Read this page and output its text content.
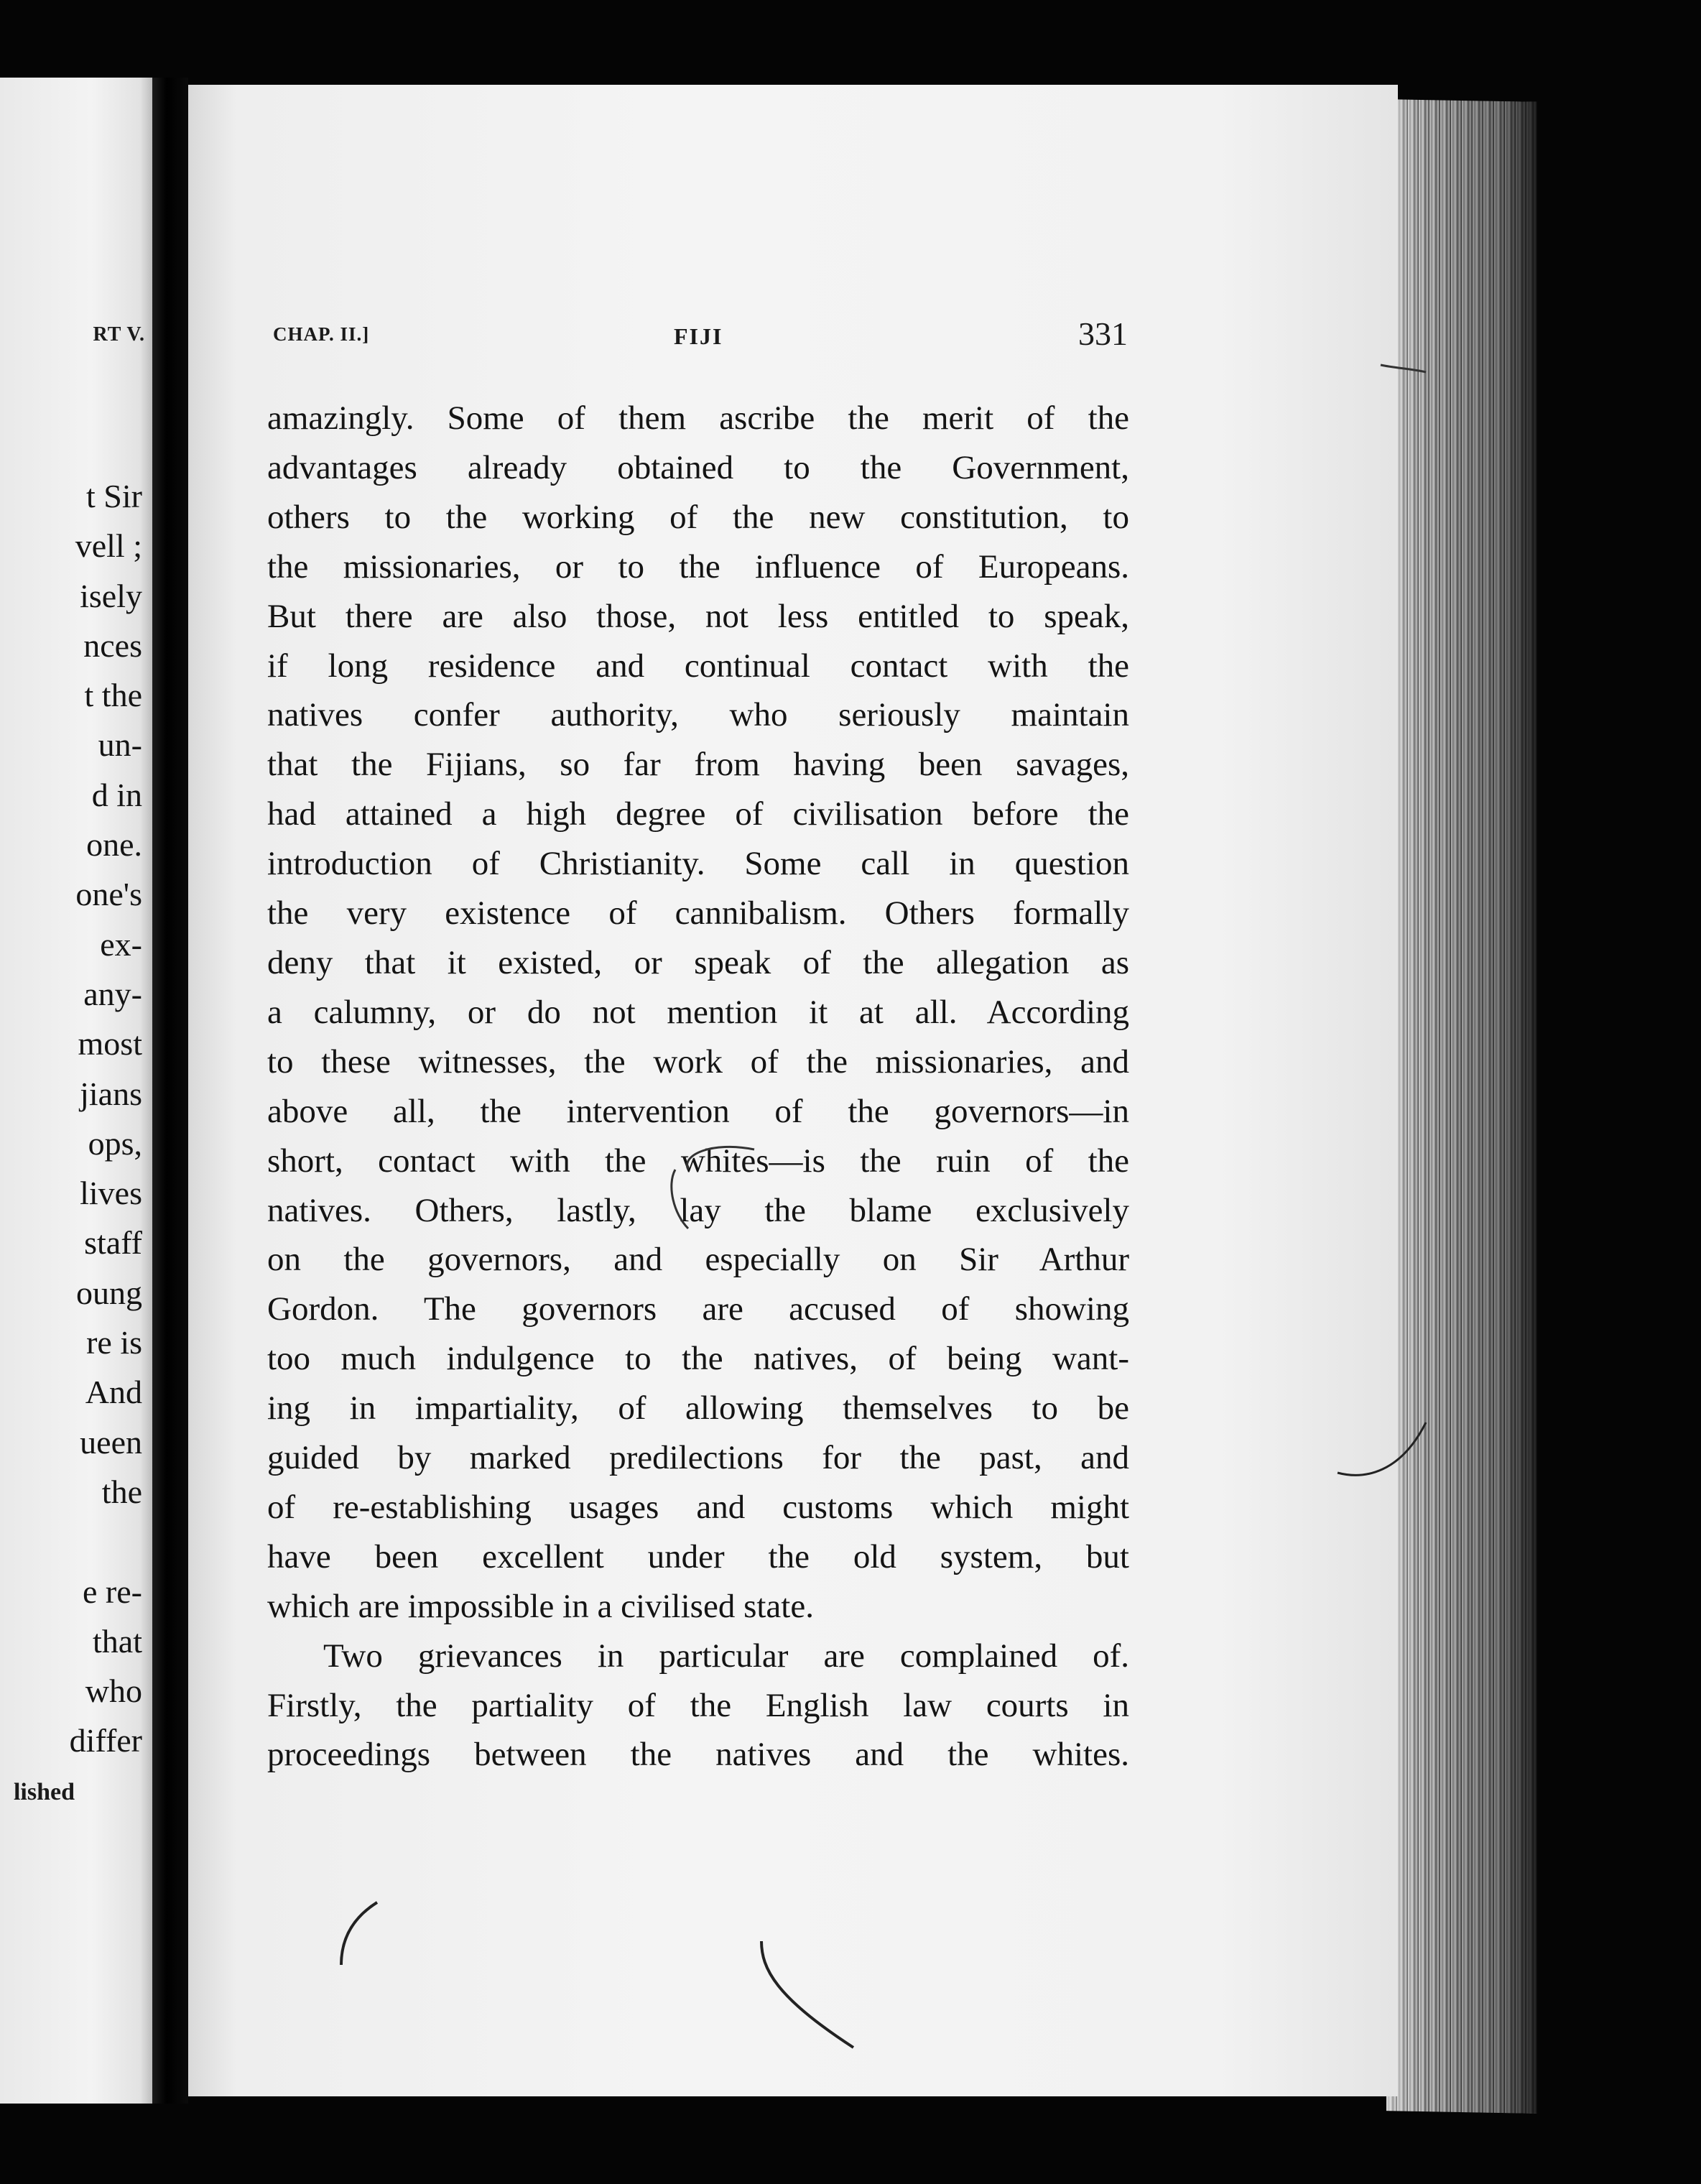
RT V.
t Sir
vell ;
isely
nces
t the
un-
d in
one.
one's
ex-
any-
most
jians
ops,
lives
staff
oung
re is
And
ueen
the

e re-
that
who
differ
lished
CHAP. II.]	FIJI	331
amazingly. Some of them ascribe the merit of the
advantages already obtained to the Government,
others to the working of the new constitution, to
the missionaries, or to the influence of Europeans.
But there are also those, not less entitled to speak,
if long residence and continual contact with the
natives confer authority, who seriously maintain
that the Fijians, so far from having been savages,
had attained a high degree of civilisation before the
introduction of Christianity. Some call in question
the very existence of cannibalism. Others formally
deny that it existed, or speak of the allegation as
a calumny, or do not mention it at all. According
to these witnesses, the work of the missionaries, and
above all, the intervention of the governors—in
short, contact with the whites—is the ruin of the
natives. Others, lastly, lay the blame exclusively
on the governors, and especially on Sir Arthur
Gordon. The governors are accused of showing
too much indulgence to the natives, of being want-
ing in impartiality, of allowing themselves to be
guided by marked predilections for the past, and
of re-establishing usages and customs which might
have been excellent under the old system, but
which are impossible in a civilised state.
Two grievances in particular are complained of.
Firstly, the partiality of the English law courts in
proceedings between the natives and the whites.
